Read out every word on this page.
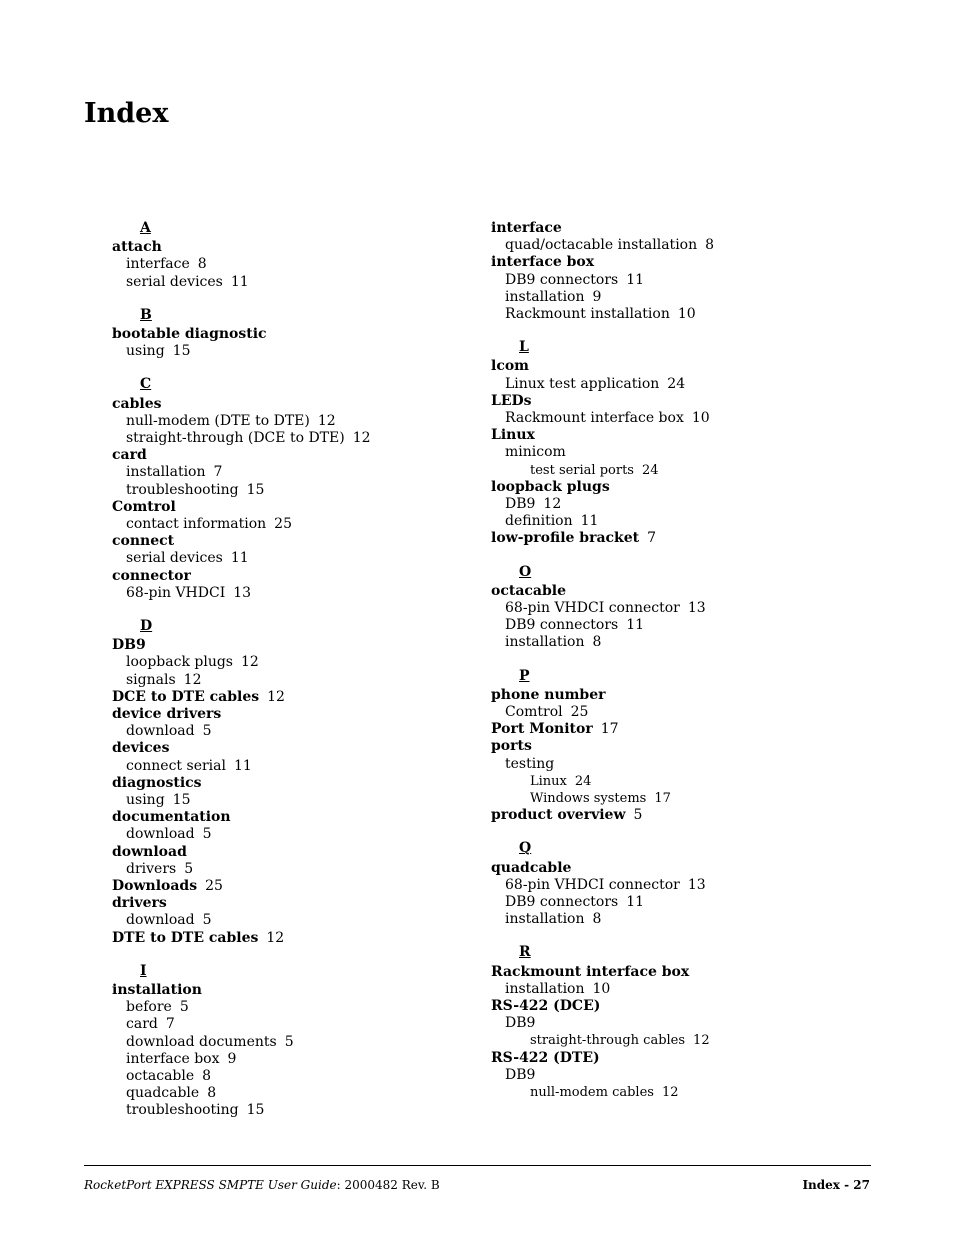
Index
A
attach
interface 8
serial devices 11
B
bootable diagnostic
using 15
C
cables
null-modem (DTE to DTE) 12
straight-through (DCE to DTE) 12
card
installation 7
troubleshooting 15
Comtrol
contact information 25
connect
serial devices 11
connector
68-pin VHDCI 13
D
DB9
loopback plugs 12
signals 12
DCE to DTE cables 12
device drivers
download 5
devices
connect serial 11
diagnostics
using 15
documentation
download 5
download
drivers 5
Downloads 25
drivers
download 5
DTE to DTE cables 12
I
installation
before 5
card 7
download documents 5
interface box 9
octacable 8
quadcable 8
troubleshooting 15
interface
quad/octacable installation 8
interface box
DB9 connectors 11
installation 9
Rackmount installation 10
L
lcom
Linux test application 24
LEDs
Rackmount interface box 10
Linux
minicom
test serial ports 24
loopback plugs
DB9 12
definition 11
low-profile bracket 7
O
octacable
68-pin VHDCI connector 13
DB9 connectors 11
installation 8
P
phone number
Comtrol 25
Port Monitor 17
ports
testing
Linux 24
Windows systems 17
product overview 5
Q
quadcable
68-pin VHDCI connector 13
DB9 connectors 11
installation 8
R
Rackmount interface box
installation 10
RS-422 (DCE)
DB9
straight-through cables 12
RS-422 (DTE)
DB9
null-modem cables 12
RocketPort EXPRESS SMPTE User Guide: 2000482 Rev. B	Index - 27
